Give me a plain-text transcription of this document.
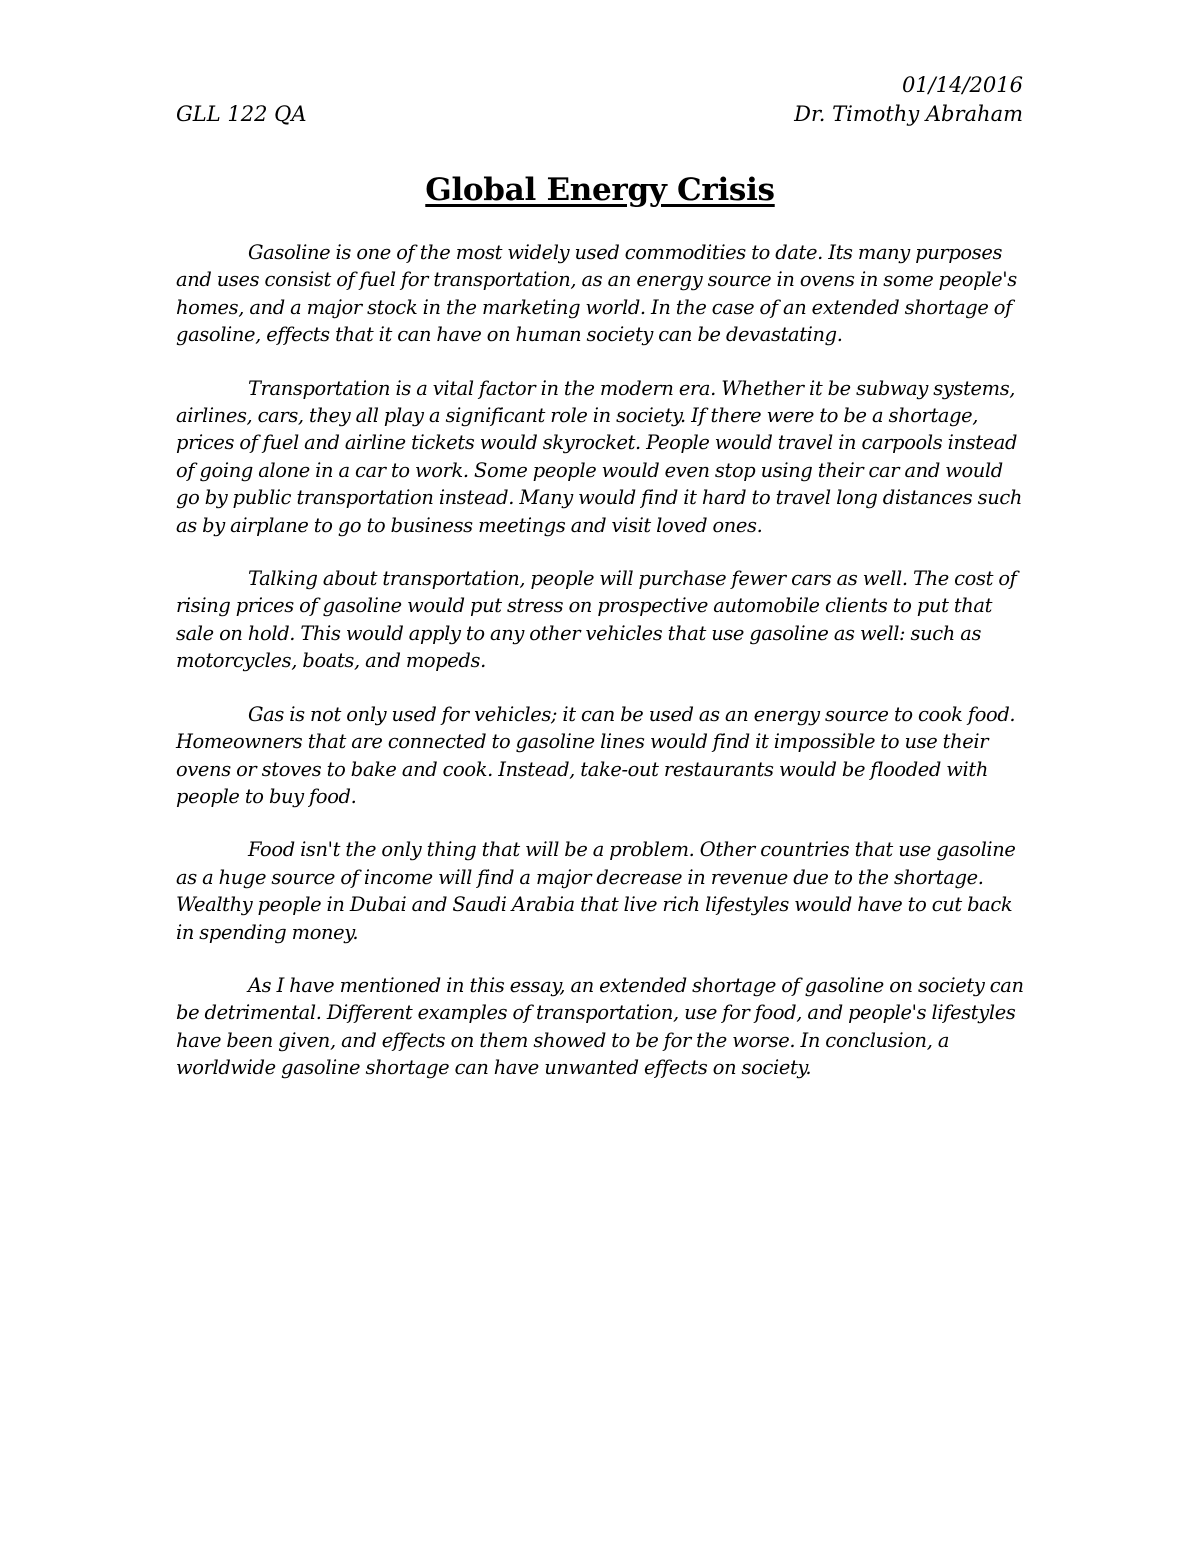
01/14/2016
GLL 122 QA	Dr. Timothy Abraham
Global Energy Crisis

Gasoline is one of the most widely used commodities to date. Its many purposes and uses consist of fuel for transportation, as an energy source in ovens in some people's homes, and a major stock in the marketing world. In the case of an extended shortage of gasoline, effects that it can have on human society can be devastating.

Transportation is a vital factor in the modern era. Whether it be subway systems, airlines, cars, they all play a significant role in society. If there were to be a shortage, prices of fuel and airline tickets would skyrocket. People would travel in carpools instead of going alone in a car to work. Some people would even stop using their car and would go by public transportation instead. Many would find it hard to travel long distances such as by airplane to go to business meetings and visit loved ones.

Talking about transportation, people will purchase fewer cars as well. The cost of rising prices of gasoline would put stress on prospective automobile clients to put that sale on hold. This would apply to any other vehicles that use gasoline as well: such as motorcycles, boats, and mopeds.

Gas is not only used for vehicles; it can be used as an energy source to cook food. Homeowners that are connected to gasoline lines would find it impossible to use their ovens or stoves to bake and cook. Instead, take-out restaurants would be flooded with people to buy food.

Food isn't the only thing that will be a problem. Other countries that use gasoline as a huge source of income will find a major decrease in revenue due to the shortage. Wealthy people in Dubai and Saudi Arabia that live rich lifestyles would have to cut back in spending money.

As I have mentioned in this essay, an extended shortage of gasoline on society can be detrimental. Different examples of transportation, use for food, and people's lifestyles have been given, and effects on them showed to be for the worse. In conclusion, a worldwide gasoline shortage can have unwanted effects on society.
